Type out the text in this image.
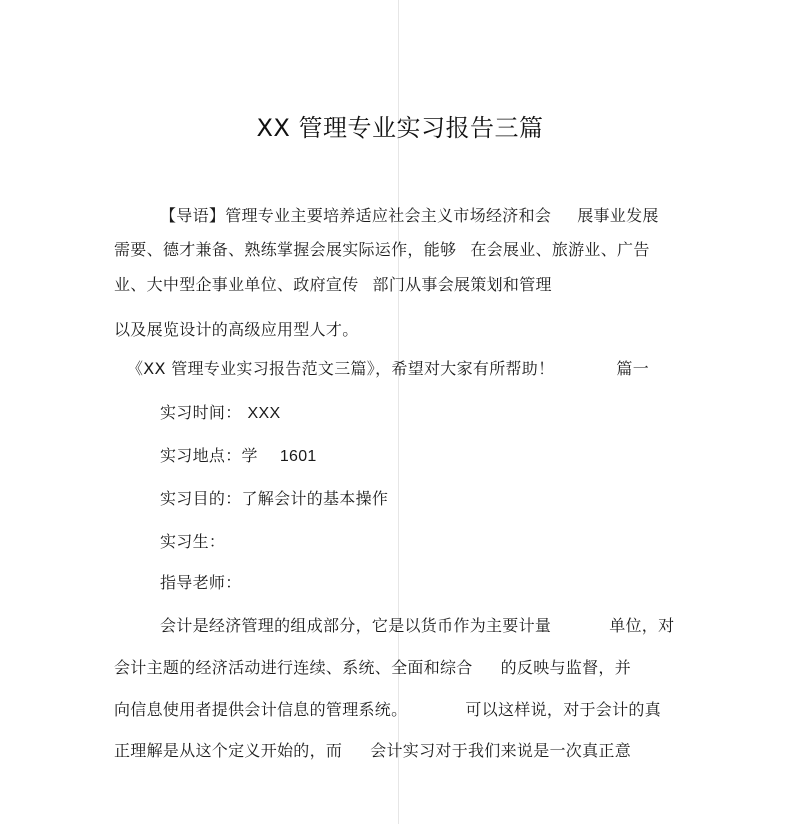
XX 管理专业实习报告三篇
【导语】管理专业主要培养适应社会主义市场经济和会 展事业发展
需要、德才兼备、熟练掌握会展实际运作，能够 在会展业、旅游业、广告
业、大中型企事业单位、政府宣传 部门从事会展策划和管理
以及展览设计的高级应用型人才。
《XX 管理专业实习报告范文三篇》，希望对大家有所帮助！	篇一
实习时间： XXX
实习地点：学 1601
实习目的：了解会计的基本操作
实习生：
指导老师：
会计是经济管理的组成部分，它是以货币作为主要计量	单位，对
会计主题的经济活动进行连续、系统、全面和综合 的反映与监督，并
向信息使用者提供会计信息的管理系统。	可以这样说，对于会计的真
正理解是从这个定义开始的，而 会计实习对于我们来说是一次真正意
